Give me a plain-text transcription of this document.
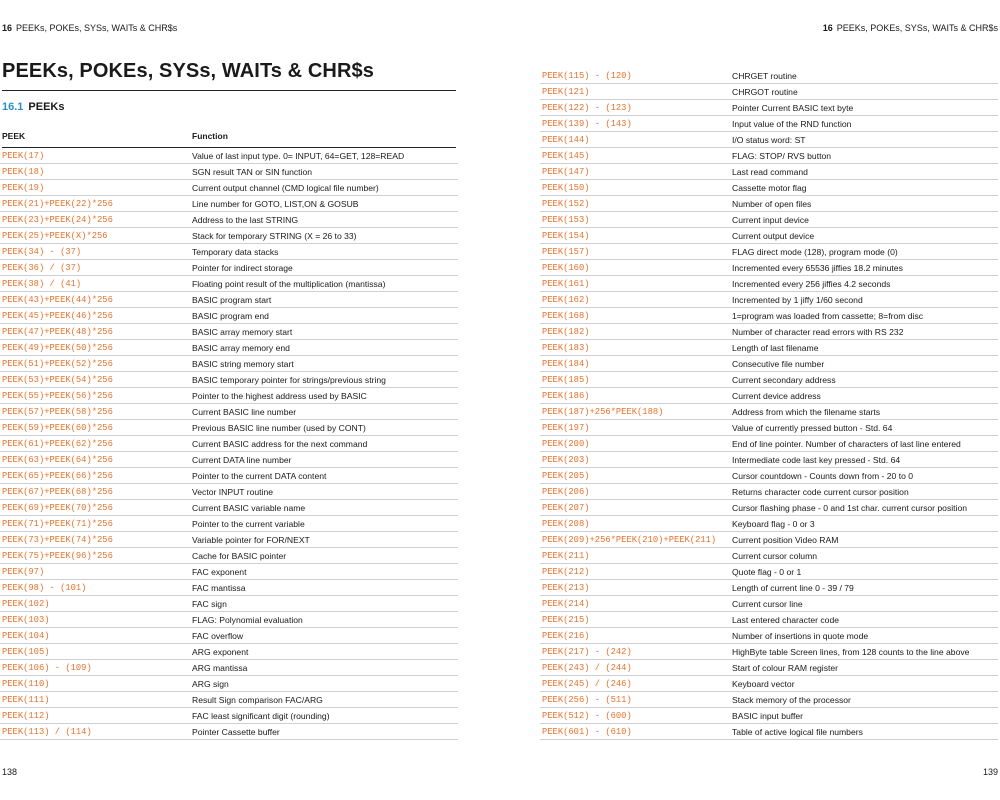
16 PEEKs, POKEs, SYSs, WAITs & CHR$s
PEEKs, POKEs, SYSs, WAITs & CHR$s
16.1 PEEKs
PEEK	Function
PEEK(17)	Value of last input type. 0= INPUT, 64=GET, 128=READ
PEEK(18)	SGN result TAN or SIN function
PEEK(19)	Current output channel (CMD logical file number)
PEEK(21)+PEEK(22)*256	Line number for GOTO, LIST,ON & GOSUB
PEEK(23)+PEEK(24)*256	Address to the last STRING
PEEK(25)+PEEK(X)*256	Stack for temporary STRING (X = 26 to 33)
PEEK(34) - (37)	Temporary data stacks
PEEK(36) / (37)	Pointer for indirect storage
PEEK(38) / (41)	Floating point result of the multiplication (mantissa)
PEEK(43)+PEEK(44)*256	BASIC program start
PEEK(45)+PEEK(46)*256	BASIC program end
PEEK(47)+PEEK(48)*256	BASIC array memory start
PEEK(49)+PEEK(50)*256	BASIC array memory end
PEEK(51)+PEEK(52)*256	BASIC string memory start
PEEK(53)+PEEK(54)*256	BASIC temporary pointer for strings/previous string
PEEK(55)+PEEK(56)*256	Pointer to the highest address used by BASIC
PEEK(57)+PEEK(58)*256	Current BASIC line number
PEEK(59)+PEEK(60)*256	Previous BASIC line number (used by CONT)
PEEK(61)+PEEK(62)*256	Current BASIC address for the next command
PEEK(63)+PEEK(64)*256	Current DATA line number
PEEK(65)+PEEK(66)*256	Pointer to the current DATA content
PEEK(67)+PEEK(68)*256	Vector INPUT routine
PEEK(69)+PEEK(70)*256	Current BASIC variable name
PEEK(71)+PEEK(71)*256	Pointer to the current variable
PEEK(73)+PEEK(74)*256	Variable pointer for FOR/NEXT
PEEK(75)+PEEK(96)*256	Cache for BASIC pointer
PEEK(97)	FAC exponent
PEEK(98) - (101)	FAC mantissa
PEEK(102)	FAC sign
PEEK(103)	FLAG: Polynomial evaluation
PEEK(104)	FAC overflow
PEEK(105)	ARG exponent
PEEK(106) - (109)	ARG mantissa
PEEK(110)	ARG sign
PEEK(111)	Result Sign comparison FAC/ARG
PEEK(112)	FAC least significant digit (rounding)
PEEK(113) / (114)	Pointer Cassette buffer
138
16 PEEKs, POKEs, SYSs, WAITs & CHR$s
PEEK(115) - (120)	CHRGET routine
PEEK(121)	CHRGOT routine
PEEK(122) - (123)	Pointer Current BASIC text byte
PEEK(139) - (143)	Input value of the RND function
PEEK(144)	I/O status word: ST
PEEK(145)	FLAG: STOP/ RVS button
PEEK(147)	Last read command
PEEK(150)	Cassette motor flag
PEEK(152)	Number of open files
PEEK(153)	Current input device
PEEK(154)	Current output device
PEEK(157)	FLAG direct mode (128), program mode (0)
PEEK(160)	Incremented every 65536 jiffies 18.2 minutes
PEEK(161)	Incremented every 256 jiffies 4.2 seconds
PEEK(162)	Incremented by 1 jiffy 1/60 second
PEEK(168)	1=program was loaded from cassette; 8=from disc
PEEK(182)	Number of character read errors with RS 232
PEEK(183)	Length of last filename
PEEK(184)	Consecutive file number
PEEK(185)	Current secondary address
PEEK(186)	Current device address
PEEK(187)+256*PEEK(188)	Address from which the filename starts
PEEK(197)	Value of currently pressed button - Std. 64
PEEK(200)	End of line pointer. Number of characters of last line entered
PEEK(203)	Intermediate code last key pressed - Std. 64
PEEK(205)	Cursor countdown - Counts down from - 20 to 0
PEEK(206)	Returns character code current cursor position
PEEK(207)	Cursor flashing phase - 0 and 1st char. current cursor position
PEEK(208)	Keyboard flag - 0 or 3
PEEK(209)+256*PEEK(210)+PEEK(211) Current position Video RAM
PEEK(211)	Current cursor column
PEEK(212)	Quote flag - 0 or 1
PEEK(213)	Length of current line 0 - 39 / 79
PEEK(214)	Current cursor line
PEEK(215)	Last entered character code
PEEK(216)	Number of insertions in quote mode
PEEK(217) - (242)	HighByte table Screen lines, from 128 counts to the line above
PEEK(243) / (244)	Start of colour RAM register
PEEK(245) / (246)	Keyboard vector
PEEK(256) - (511)	Stack memory of the processor
PEEK(512) - (600)	BASIC input buffer
PEEK(601) - (610)	Table of active logical file numbers
139
